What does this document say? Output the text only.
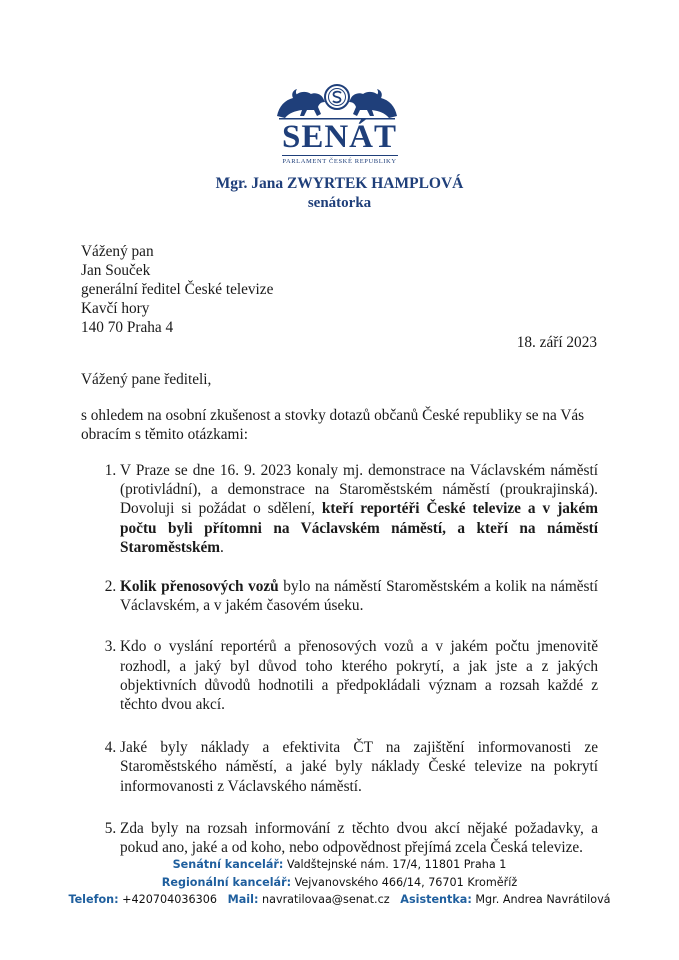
SENÁT
PARLAMENT ČESKÉ REPUBLIKY
Mgr. Jana ZWYRTEK HAMPLOVÁ
senátorka
Vážený pan
Jan Souček
generální ředitel České televize
Kavčí hory
140 70 Praha 4
18. září 2023
Vážený pane řediteli,
s ohledem na osobní zkušenost a stovky dotazů občanů České republiky se na Vás obracím s těmito otázkami:
1. V Praze se dne 16. 9. 2023 konaly mj. demonstrace na Václavském náměstí (protivládní), a demonstrace na Staroměstském náměstí (proukrajinská). Dovoluji si požádat o sdělení, kteří reportéři České televize a v jakém počtu byli přítomni na Václavském náměstí, a kteří na náměstí Staroměstském.
2. Kolik přenosových vozů bylo na náměstí Staroměstském a kolik na náměstí Václavském, a v jakém časovém úseku.
3. Kdo o vyslání reportérů a přenosových vozů a v jakém počtu jmenovitě rozhodl, a jaký byl důvod toho kterého pokrytí, a jak jste a z jakých objektivních důvodů hodnotili a předpokládali význam a rozsah každé z těchto dvou akcí.
4. Jaké byly náklady a efektivita ČT na zajištění informovanosti ze Staroměstského náměstí, a jaké byly náklady České televize na pokrytí informovanosti z Václavského náměstí.
5. Zda byly na rozsah informování z těchto dvou akcí nějaké požadavky, a pokud ano, jaké a od koho, nebo odpovědnost přejímá zcela Česká televize.
Senátní kancelář: Valdštejnské nám. 17/4, 11801 Praha 1
Regionální kancelář: Vejvanovského 466/14, 76701 Kroměříž
Telefon: +420704036306   Mail: navratilovaa@senat.cz   Asistentka: Mgr. Andrea Navrátilová
